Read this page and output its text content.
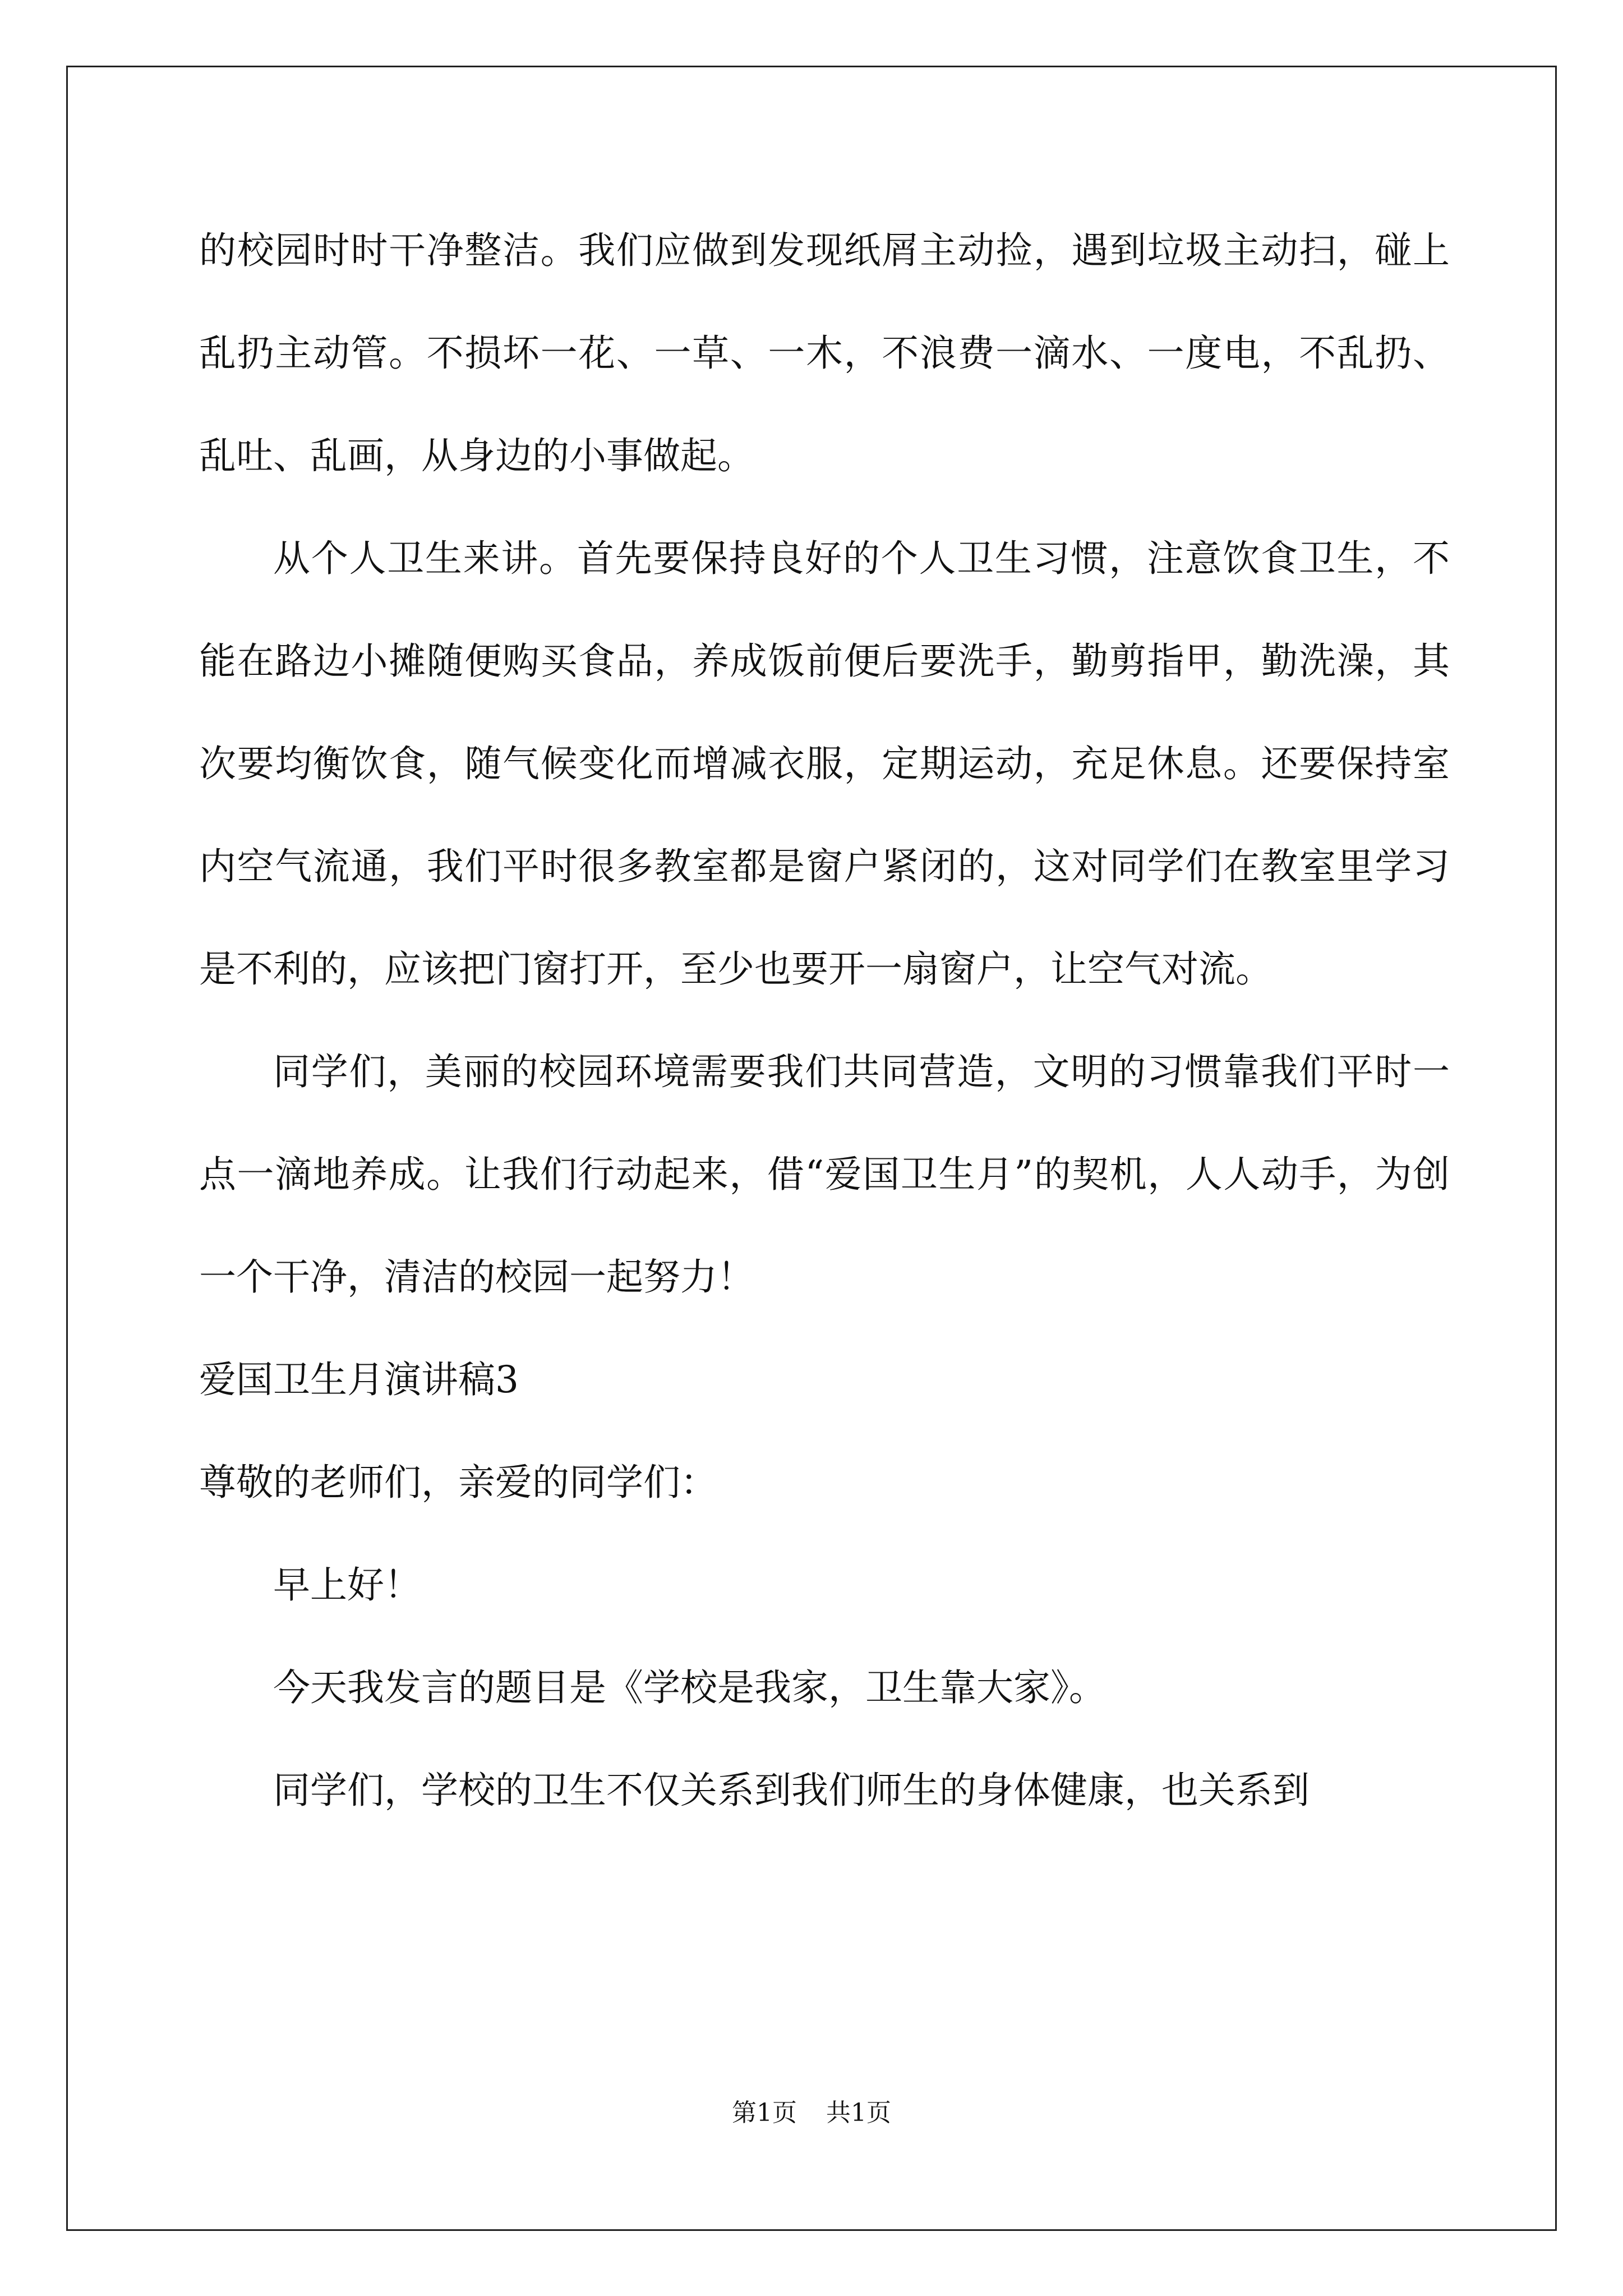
的校园时时干净整洁。我们应做到发现纸屑主动捡，遇到垃圾主动扫，碰上乱扔主动管。不损坏一花、一草、一木，不浪费一滴水、一度电，不乱扔、乱吐、乱画，从身边的小事做起。

从个人卫生来讲。首先要保持良好的个人卫生习惯，注意饮食卫生，不能在路边小摊随便购买食品，养成饭前便后要洗手，勤剪指甲，勤洗澡，其次要均衡饮食，随气候变化而增减衣服，定期运动，充足休息。还要保持室内空气流通，我们平时很多教室都是窗户紧闭的，这对同学们在教室里学习是不利的，应该把门窗打开，至少也要开一扇窗户，让空气对流。

同学们，美丽的校园环境需要我们共同营造，文明的习惯靠我们平时一点一滴地养成。让我们行动起来，借“爱国卫生月”的契机，人人动手，为创一个干净，清洁的校园一起努力！

爱国卫生月演讲稿3

尊敬的老师们，亲爱的同学们：

早上好！

今天我发言的题目是《学校是我家，卫生靠大家》。

同学们，学校的卫生不仅关系到我们师生的身体健康，也关系到

第1页 共1页
